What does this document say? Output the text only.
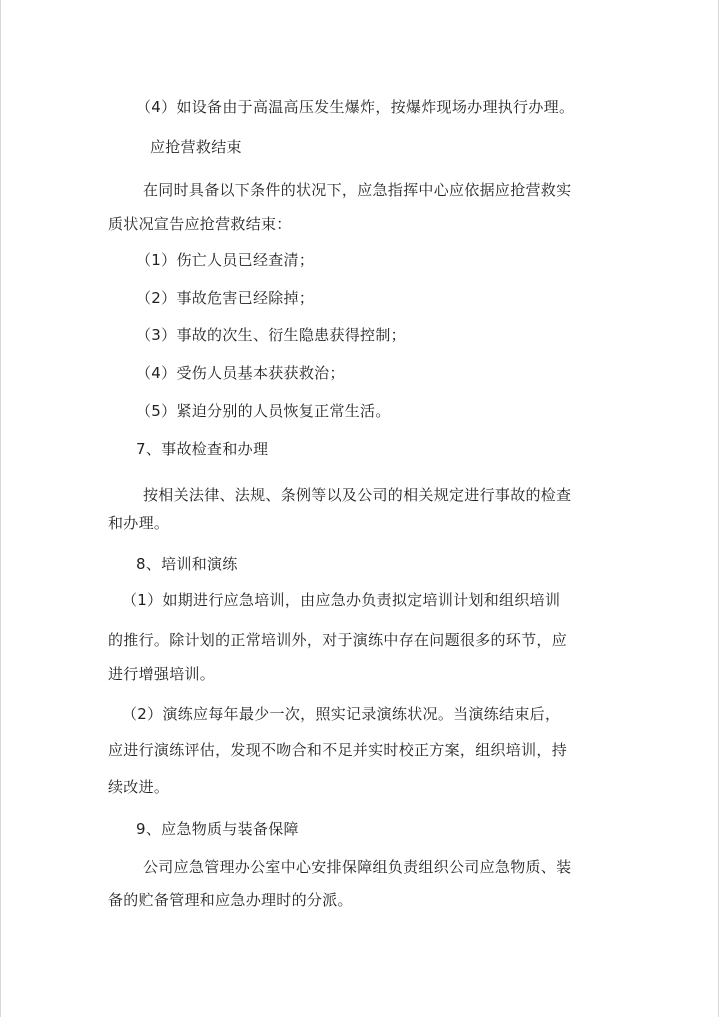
（4）如设备由于高温高压发生爆炸，按爆炸现场办理执行办理。
应抢营救结束
在同时具备以下条件的状况下，应急指挥中心应依据应抢营救实
质状况宣告应抢营救结束：
（1）伤亡人员已经查清；
（2）事故危害已经除掉；
（3）事故的次生、衍生隐患获得控制；
（4）受伤人员基本获获救治；
（5）紧迫分别的人员恢复正常生活。
7、事故检查和办理
按相关法律、法规、条例等以及公司的相关规定进行事故的检查
和办理。
8、培训和演练
（1）如期进行应急培训，由应急办负责拟定培训计划和组织培训
的推行。除计划的正常培训外，对于演练中存在问题很多的环节，应
进行增强培训。
（2）演练应每年最少一次，照实记录演练状况。当演练结束后，
应进行演练评估，发现不吻合和不足并实时校正方案，组织培训，持
续改进。
9、应急物质与装备保障
公司应急管理办公室中心安排保障组负责组织公司应急物质、装
备的贮备管理和应急办理时的分派。
